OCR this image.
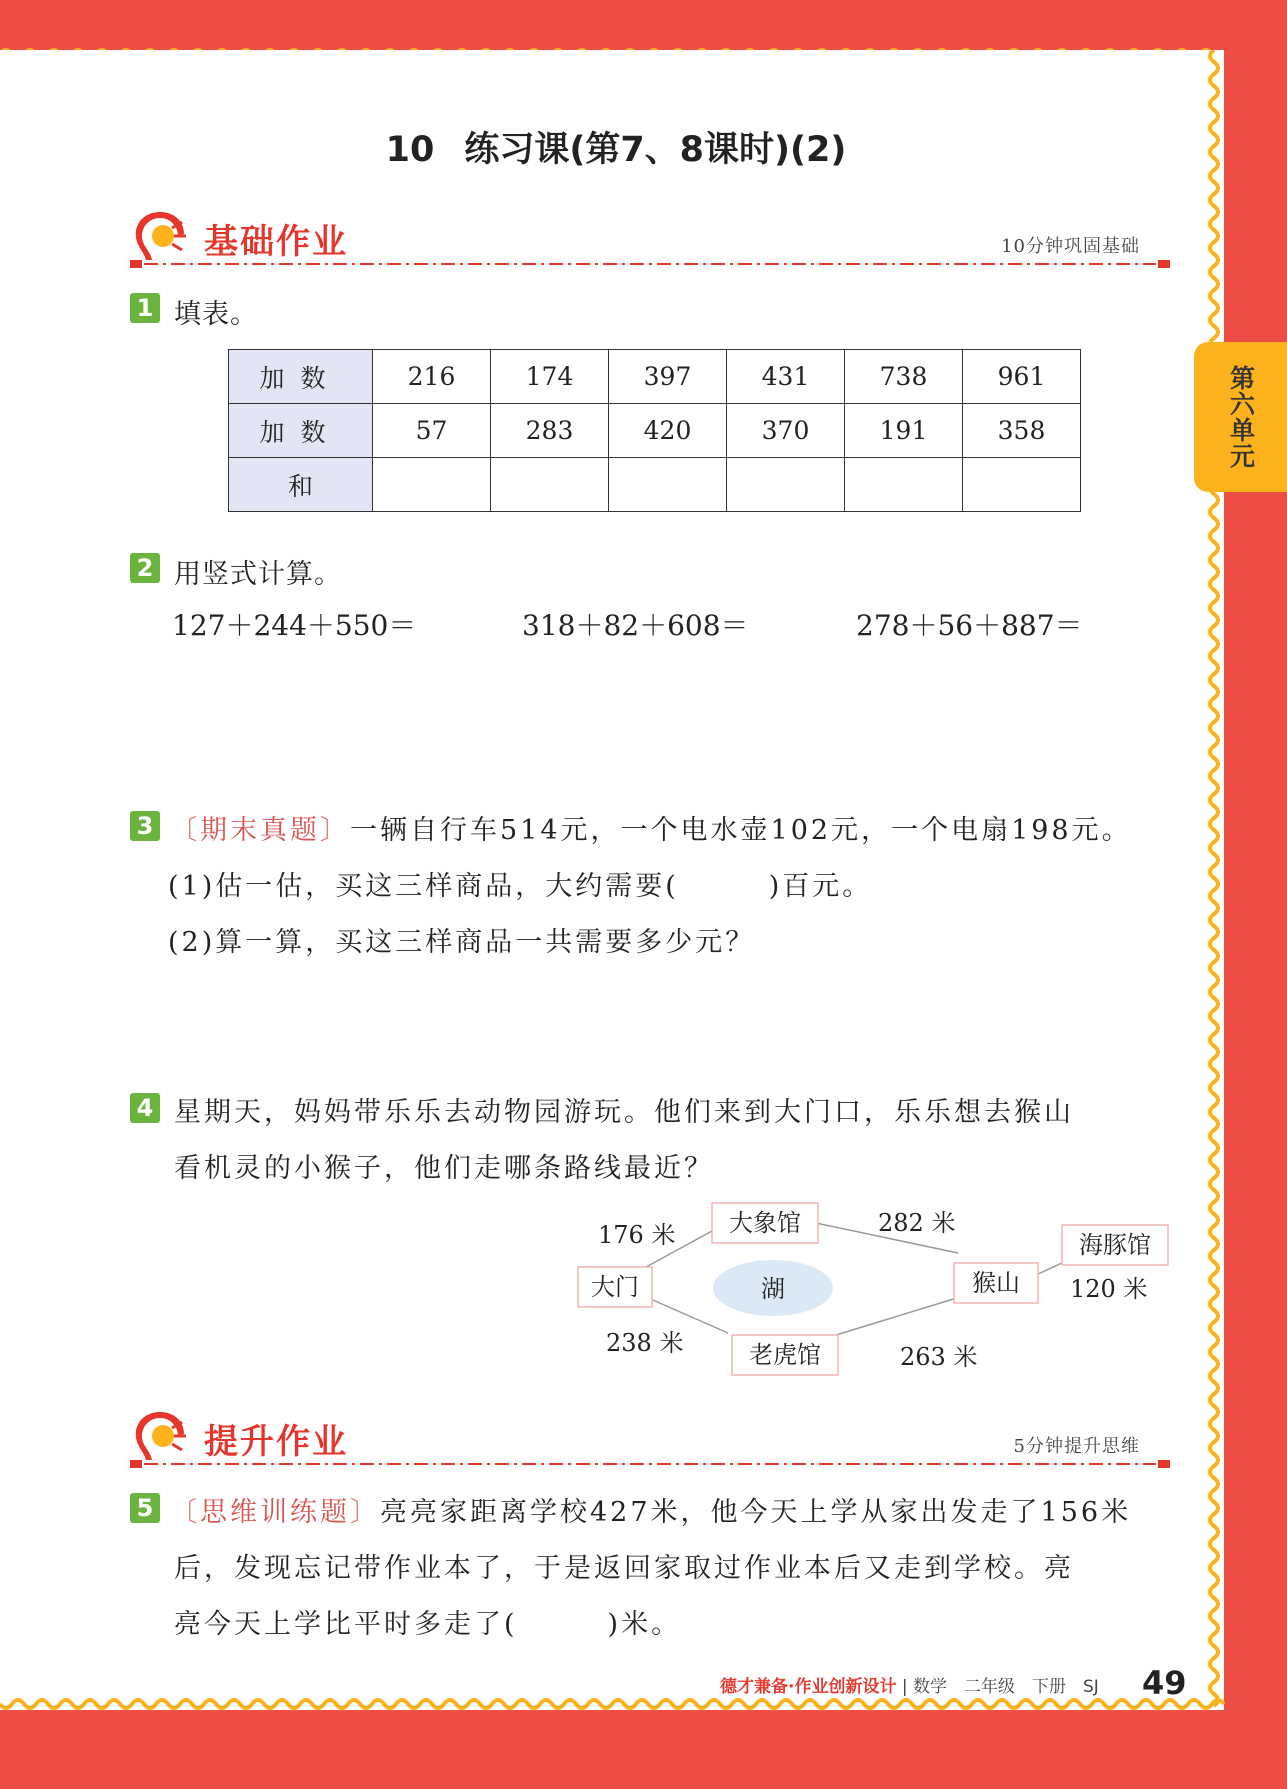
第六单元
10 练习课(第7、8课时)(2)
基础作业	10分钟巩固基础
1 填表。
加数	216	174	397	431	738	961
加数	57	283	420	370	191	358
和						
2 用竖式计算。
127＋244＋550＝	318＋82＋608＝	278＋56＋887＝
3 〔期末真题〕一辆自行车514元，一个电水壶102元，一个电扇198元。
(1)估一估，买这三样商品，大约需要(　　　)百元。
(2)算一算，买这三样商品一共需要多少元？
4 星期天，妈妈带乐乐去动物园游玩。他们来到大门口，乐乐想去猴山
看机灵的小猴子，他们走哪条路线最近？
湖
大门
大象馆
老虎馆
猴山
海豚馆
176 米	282 米
238 米	263 米
120 米
提升作业	5分钟提升思维
5 〔思维训练题〕亮亮家距离学校427米，他今天上学从家出发走了156米
后，发现忘记带作业本了，于是返回家取过作业本后又走到学校。亮
亮今天上学比平时多走了(　　　)米。
德才兼备·作业创新设计 | 数学　二年级　下册　SJ 49
